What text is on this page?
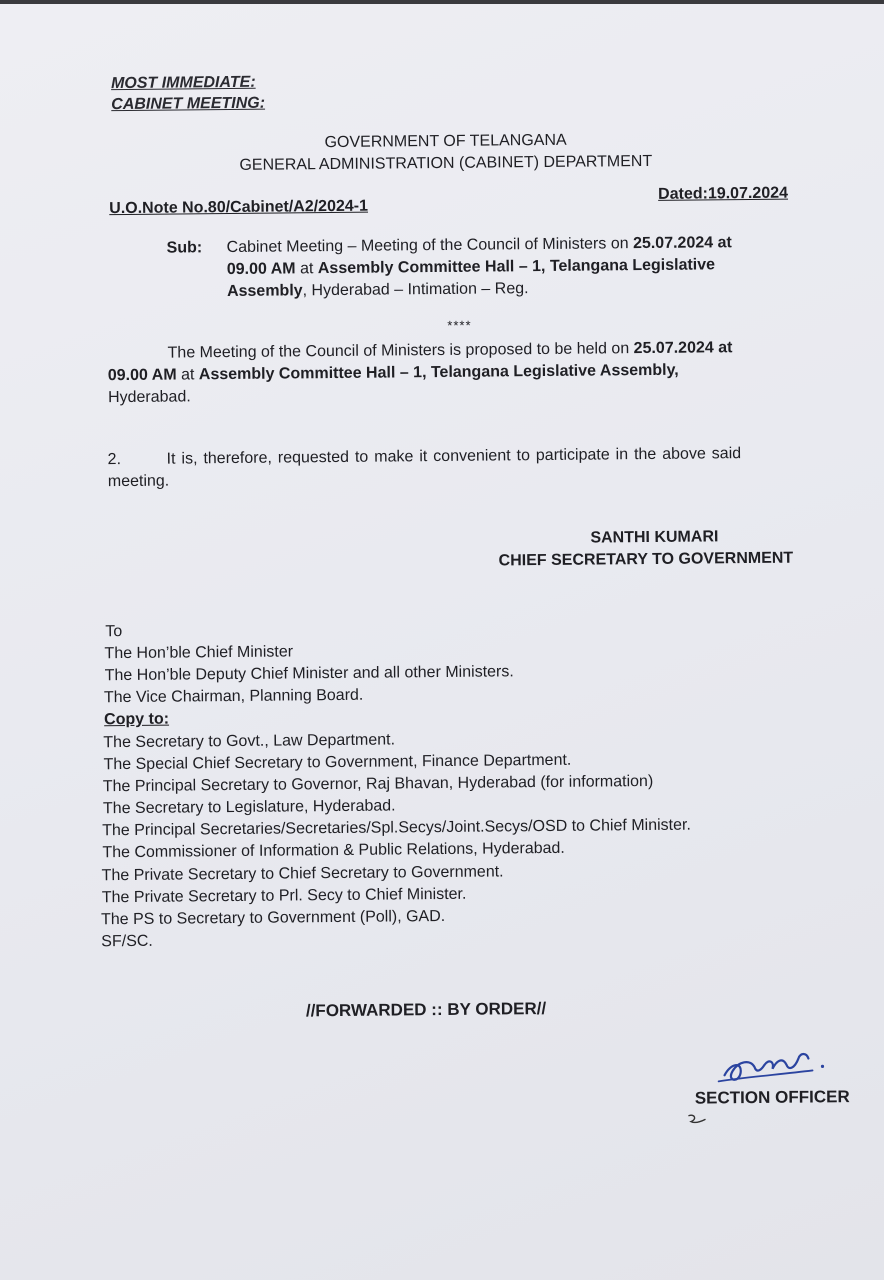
MOST IMMEDIATE:
CABINET MEETING:
GOVERNMENT OF TELANGANA
GENERAL ADMINISTRATION (CABINET) DEPARTMENT
U.O.Note No.80/Cabinet/A2/2024-1
Dated:19.07.2024
Sub: Cabinet Meeting – Meeting of the Council of Ministers on 25.07.2024 at
09.00 AM at Assembly Committee Hall – 1, Telangana Legislative
Assembly, Hyderabad – Intimation – Reg.
****
The Meeting of the Council of Ministers is proposed to be held on 25.07.2024 at
09.00 AM at Assembly Committee Hall – 1, Telangana Legislative Assembly,
Hyderabad.
2.	It is, therefore, requested to make it convenient to participate in the above said
meeting.
SANTHI KUMARI
CHIEF SECRETARY TO GOVERNMENT
To
The Hon’ble Chief Minister
The Hon’ble Deputy Chief Minister and all other Ministers.
The Vice Chairman, Planning Board.
Copy to:
The Secretary to Govt., Law Department.
The Special Chief Secretary to Government, Finance Department.
The Principal Secretary to Governor, Raj Bhavan, Hyderabad (for information)
The Secretary to Legislature, Hyderabad.
The Principal Secretaries/Secretaries/Spl.Secys/Joint.Secys/OSD to Chief Minister.
The Commissioner of Information & Public Relations, Hyderabad.
The Private Secretary to Chief Secretary to Government.
The Private Secretary to Prl. Secy to Chief Minister.
The PS to Secretary to Government (Poll), GAD.
SF/SC.
//FORWARDED :: BY ORDER//
SECTION OFFICER
